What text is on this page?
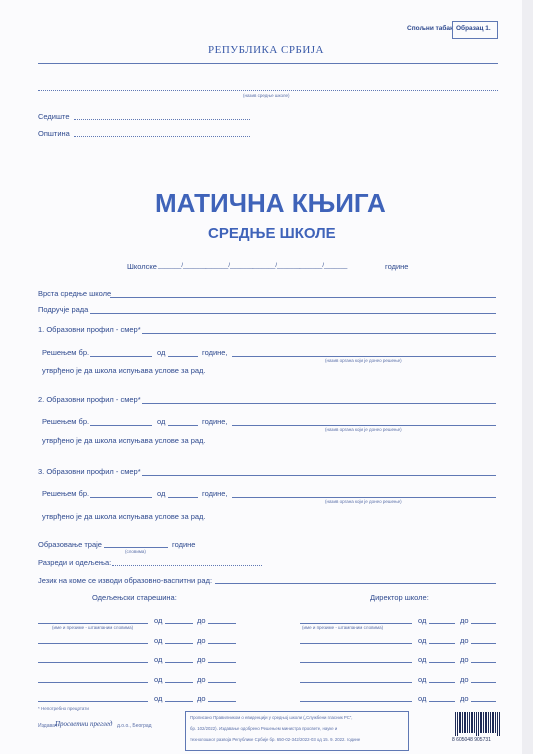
Спољни табак Образац 1.
РЕПУБЛИКА СРБИЈА
(назив средње школе)
Седиште
Општина
МАТИЧНА КЊИГА
СРЕДЊЕ ШКОЛЕ
Школске _______/_______
_______/_______
_______/_______
_______/_______	године
Врста средње школе
Подручје рада
1. Образовни профил - смер*
Решењем бр.	од	године,
(назив органа који је донео решење)
утврђено је да школа испуњава услове за рад.
2. Образовни профил - смер*
Решењем бр.	од	године,
(назив органа који је донео решење)
утврђено је да школа испуњава услове за рад.
3. Образовни профил - смер*
Решењем бр.	од	године,
(назив органа који је донео решење)
утврђено је да школа испуњава услове за рад.
Образовање траје
(словима)
године
Разреди и одељења:
Језик на коме се изводи образовно-васпитни рад:
Одељењски старешина:	Директор школе:
од	до	од	до
(име и презиме - штампаним словима)	(име и презиме - штампаним словима)
од	до	од	до
од	до	од	до
од	до	од	до
од	до	од	до
* Непотребно прецртати
Издавач:
Просветни преглед д.о.о., Београд
Прописано Правилником о евиденцији у средњој школи („Службени гласник РС“,
бр. 102/2022). Издавање одобрено Решењем министра просвете, науке и
технолошког развоја Републике Србије бр. 650-02-342/2022-03 од 15. 9. 2022. године	8 605048 905731
